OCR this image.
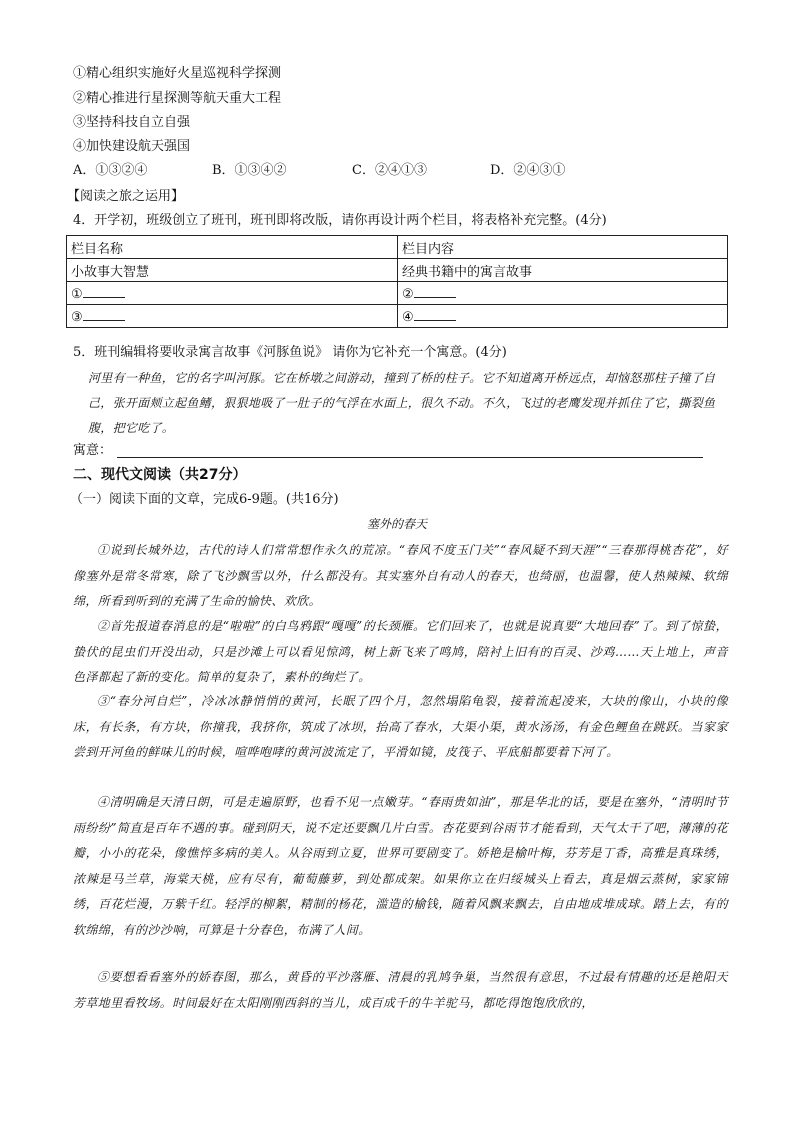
①精心组织实施好火星巡视科学探测
②精心推进行星探测等航天重大工程
③坚持科技自立自强
④加快建设航天强国
A．①③②④	B．①③④②	C．②④①③	D．②④③①
【阅读之旅之运用】
4．开学初，班级创立了班刊，班刊即将改版，请你再设计两个栏目，将表格补充完整。(4分)
栏目名称	栏目内容
小故事大智慧	经典书籍中的寓言故事
①	②
③	④
5．班刊编辑将要收录寓言故事《河豚鱼说》 请你为它补充一个寓意。(4分)
河里有一种鱼，它的名字叫河豚。它在桥墩之间游动，撞到了桥的柱子。它不知道离开桥远点，却恼怒那柱子撞了自己，张开面颊立起鱼鳍，狠狠地吸了一肚子的气浮在水面上，很久不动。不久，飞过的老鹰发现并抓住了它，撕裂鱼腹，把它吃了。
寓意：
二、现代文阅读（共27分）
（一）阅读下面的文章，完成6-9题。(共16分)
塞外的春天
①说到长城外边，古代的诗人们常常想作永久的荒凉。“春风不度玉门关”“春风疑不到天涯”“三春那得桃杏花”，好像塞外是常冬常寒，除了飞沙飘雪以外，什么都没有。其实塞外自有动人的春天，也绮丽，也温馨，使人热辣辣、软绵绵，所看到听到的充满了生命的愉快、欢欣。
②首先报道春消息的是“啦啦”的白鸟鸦跟“嘎嘎”的长颈雁。它们回来了，也就是说真要“大地回春”了。到了惊蛰，蛰伏的昆虫们开没出动，只是沙滩上可以看见惊鸿，树上新飞来了鸣鸠，陪衬上旧有的百灵、沙鸡……天上地上，声音色泽都起了新的变化。简单的复杂了，素朴的绚烂了。
③“春分河自烂”，冷冰冰静悄悄的黄河，长眠了四个月，忽然塌陷龟裂，接着流起凌来，大块的像山，小块的像床，有长条，有方块，你撞我，我挤你，筑成了冰坝，抬高了春水，大渠小渠，黄水汤汤，有金色鲤鱼在跳跃。当家家尝到开河鱼的鲜味儿的时候，喧哗咆哮的黄河波流定了，平滑如镜，皮筏子、平底船都要着下河了。
④清明确是天清日朗，可是走遍原野，也看不见一点嫩芽。“春雨贵如油”，那是华北的话，要是在塞外，“清明时节雨纷纷”简直是百年不遇的事。碰到阴天，说不定还要飘几片白雪。杏花要到谷雨节才能看到，天气太干了吧，薄薄的花瓣，小小的花朵，像憔悴多病的美人。从谷雨到立夏，世界可要剧变了。娇艳是榆叶梅，芬芳是丁香，高雅是真珠绣，浓辣是马兰草，海棠天桃，应有尽有，葡萄藤萝，到处都成架。如果你立在归绥城头上看去，真是烟云蒸树，家家锦绣，百花烂漫，万紫千红。轻浮的柳絮，精制的杨花，滥造的榆钱，随着风飘来飘去，自由地成堆成球。踏上去，有的软绵绵，有的沙沙响，可算是十分春色，布满了人间。
⑤要想看看塞外的娇春图，那么，黄昏的平沙落雁、清晨的乳鸠争巢，当然很有意思，不过最有情趣的还是艳阳天芳草地里看牧场。时间最好在太阳刚刚西斜的当儿，成百成千的牛羊驼马，都吃得饱饱欣欣的，
